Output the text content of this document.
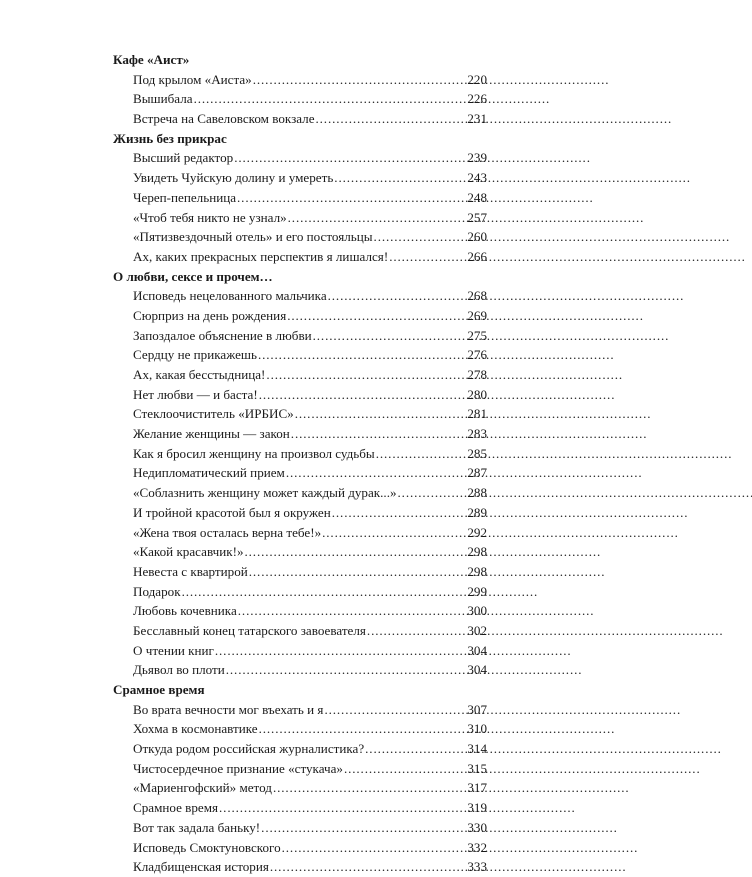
Кафе «Аист»
Под крылом «Аиста» . . .	220
Вышибала . . .	226
Встреча на Савеловском вокзале . . .	231
Жизнь без прикрас
Высший редактор . . .	239
Увидеть Чуйскую долину и умереть . . .	243
Череп-пепельница . . .	248
«Чтоб тебя никто не узнал» . . .	257
«Пятизвездочный отель» и его постояльцы . . .	260
Ах, каких прекрасных перспектив я лишался! . . .	266
О любви, сексе и прочем…
Исповедь нецелованного мальчика . . .	268
Сюрприз на день рождения . . .	269
Запоздалое объяснение в любви . . .	275
Сердцу не прикажешь . . .	276
Ах, какая бесстыдница! . . .	278
Нет любви — и баста! . . .	280
Стеклоочиститель «ИРБИС» . . .	281
Желание женщины — закон . . .	283
Как я бросил женщину на произвол судьбы . . .	285
Недипломатический прием . . .	287
«Соблазнить женщину может каждый дурак...» . . .	288
И тройной красотой был я окружен . . .	289
«Жена твоя осталась верна тебе!» . . .	292
«Какой красавчик!» . . .	298
Невеста с квартирой . . .	298
Подарок . . .	299
Любовь кочевника . . .	300
Бесславный конец татарского завоевателя . . .	302
О чтении книг . . .	304
Дьявол во плоти . . .	304
Срамное время
Во врата вечности мог въехать и я . . .	307
Хохма в космонавтике . . .	310
Откуда родом российская журналистика? . . .	314
Чистосердечное признание «стукача» . . .	315
«Мариенгофский» метод . . .	317
Срамное время . . .	319
Вот так задала баньку! . . .	330
Исповедь Смоктуновского . . .	332
Кладбищенская история . . .	333
